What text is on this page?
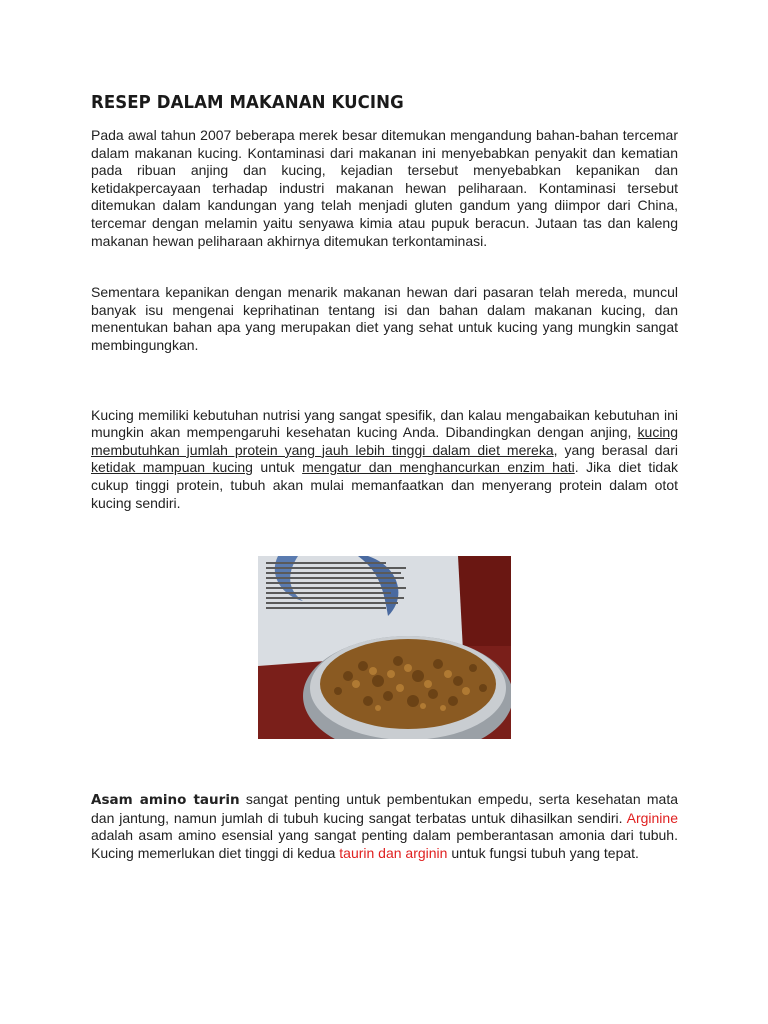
RESEP DALAM MAKANAN KUCING

Pada awal tahun 2007 beberapa merek besar ditemukan mengandung bahan-bahan tercemar dalam makanan kucing. Kontaminasi dari makanan ini menyebabkan penyakit dan kematian pada ribuan anjing dan kucing, kejadian tersebut menyebabkan kepanikan dan ketidakpercayaan terhadap industri makanan hewan peliharaan. Kontaminasi tersebut ditemukan dalam kandungan yang telah menjadi gluten gandum yang diimpor dari China, tercemar dengan melamin yaitu senyawa kimia atau pupuk beracun. Jutaan tas dan kaleng makanan hewan peliharaan akhirnya ditemukan terkontaminasi.

Sementara kepanikan dengan menarik makanan hewan dari pasaran telah mereda, muncul banyak isu mengenai keprihatinan tentang isi dan bahan dalam makanan kucing, dan menentukan bahan apa yang merupakan diet yang sehat untuk kucing yang mungkin sangat membingungkan.

Kucing memiliki kebutuhan nutrisi yang sangat spesifik, dan kalau mengabaikan kebutuhan ini mungkin akan mempengaruhi kesehatan kucing Anda. Dibandingkan dengan anjing, kucing membutuhkan jumlah protein yang jauh lebih tinggi dalam diet mereka, yang berasal dari ketidak mampuan kucing untuk mengatur dan menghancurkan enzim hati. Jika diet tidak cukup tinggi protein, tubuh akan mulai memanfaatkan dan menyerang protein dalam otot kucing sendiri.

Asam amino taurin sangat penting untuk pembentukan empedu, serta kesehatan mata dan jantung, namun jumlah di tubuh kucing sangat terbatas untuk dihasilkan sendiri. Arginine adalah asam amino esensial yang sangat penting dalam pemberantasan amonia dari tubuh. Kucing memerlukan diet tinggi di kedua taurin dan arginin untuk fungsi tubuh yang tepat.
